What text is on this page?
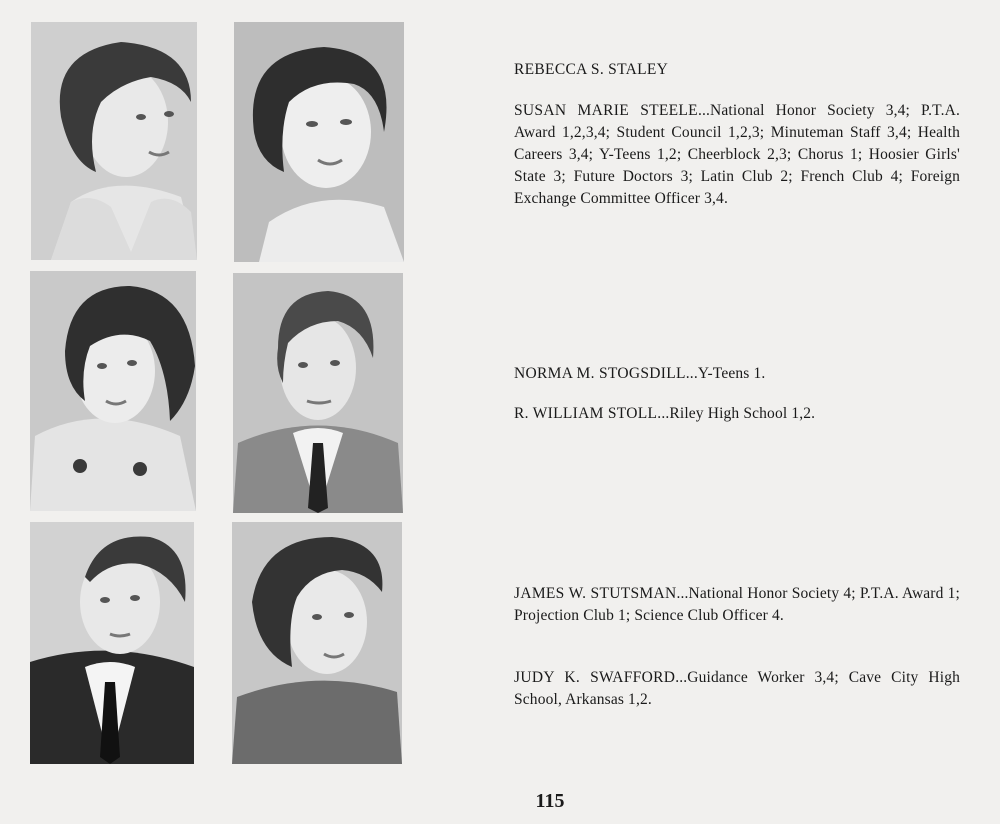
REBECCA S. STALEY
SUSAN MARIE STEELE...National Honor Society 3,4; P.T.A. Award 1,2,3,4; Student Council 1,2,3; Minuteman Staff 3,4; Health Careers 3,4; Y-Teens 1,2; Cheerblock 2,3; Chorus 1; Hoosier Girls' State 3; Future Doctors 3; Latin Club 2; French Club 4; Foreign Exchange Committee Officer 3,4.
NORMA M. STOGSDILL...Y-Teens 1.
R. WILLIAM STOLL...Riley High School 1,2.
JAMES W. STUTSMAN...National Honor Society 4; P.T.A. Award 1; Projection Club 1; Science Club Officer 4.
JUDY K. SWAFFORD...Guidance Worker 3,4; Cave City High School, Arkansas 1,2.
115
